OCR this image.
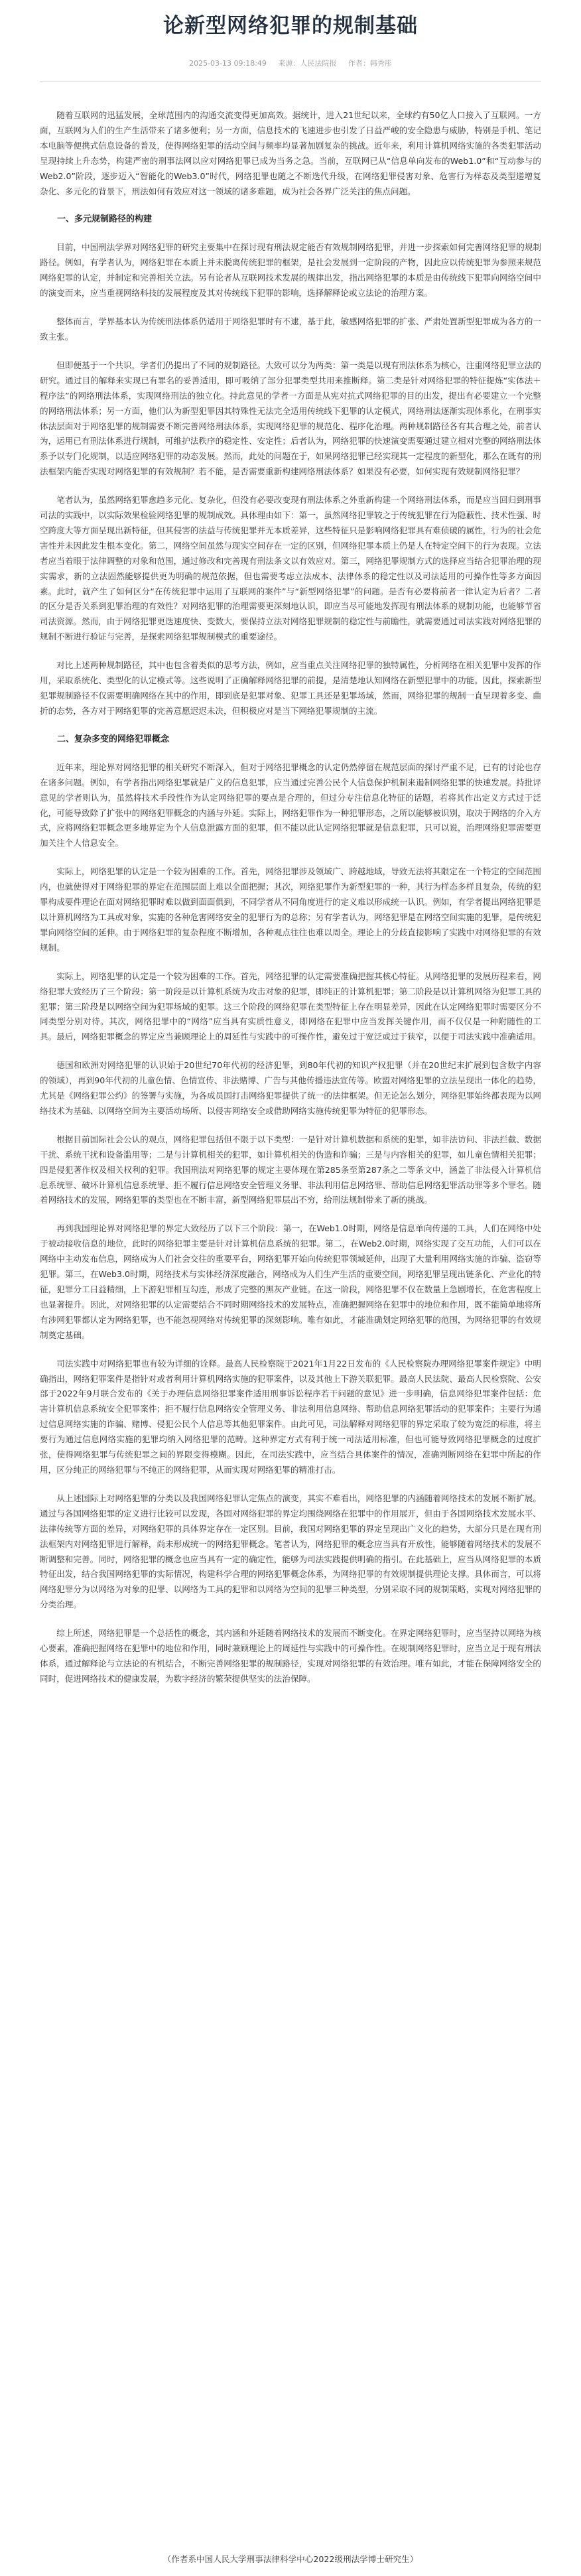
论新型网络犯罪的规制基础
2025-03-13 09:18:49 来源：人民法院报 作者：韩秀彤

随着互联网的迅猛发展，全球范围内的沟通交流变得更加高效。据统计，进入21世纪以来，全球约有50亿人口接入了互联网。一方面，互联网为人们的生产生活带来了诸多便利；另一方面，信息技术的飞速进步也引发了日益严峻的安全隐患与威胁，特别是手机、笔记本电脑等便携式信息设备的普及，使得网络犯罪的活动空间与频率均显著加剧复杂的挑战。近年来，利用计算机网络实施的各类犯罪活动呈现持续上升态势，构建严密的刑事法网以应对网络犯罪已成为当务之急。当前，互联网已从“信息单向发布的Web1.0”和“互动参与的Web2.0”阶段，逐步迈入“智能化的Web3.0”时代，网络犯罪也随之不断迭代升级，在网络犯罪侵害对象、危害行为样态及类型递增复杂化、多元化的背景下，刑法如何有效应对这一领域的诸多难题，成为社会各界广泛关注的焦点问题。

一、多元规制路径的构建

目前，中国刑法学界对网络犯罪的研究主要集中在探讨现有刑法规定能否有效规制网络犯罪，并进一步探索如何完善网络犯罪的规制路径。例如，有学者认为，网络犯罪在本质上并未脱离传统犯罪的框架，是社会发展到一定阶段的产物，因此应以传统犯罪为参照来规范网络犯罪的认定，并制定和完善相关立法。另有论者从互联网技术发展的规律出发，指出网络犯罪的本质是由传统线下犯罪向网络空间中的演变而来，应当重视网络科技的发展程度及其对传统线下犯罪的影响，选择解释论或立法论的治理方案。

整体而言，学界基本认为传统刑法体系仍适用于网络犯罪时有不逮，基于此，敏感网络犯罪的扩张、严肃处置新型犯罪成为各方的一致主张。

但即便基于一个共识，学者们仍提出了不同的规制路径。大致可以分为两类：第一类是以现有刑法体系为核心，注重网络犯罪立法的研究。通过目的解释来实现已有罪名的妥善适用，即可吸纳了部分犯罪类型共用来推断释。第二类是针对网络犯罪的特征提炼“实体法＋程序法”的网络刑法体系，实现网络刑法的独立化。持此意见的学者一方面是从宪对抗式网络犯罪的目的出发，提出有必要建立一个完整的网络刑法体系；另一方面，他们认为新型犯罪因其特殊性无法完全适用传统线下犯罪的认定模式，网络刑法逐渐实现体系化，在刑事实体法层面对于网络犯罪的规制需要不断完善网络刑法体系，实现网络犯罪的规范化、程序化治理。两种规制路径各有其合理之处，前者认为，运用已有刑法体系进行规制，可维护法秩序的稳定性、安定性；后者认为，网络犯罪的快速演变需要通过建立相对完整的网络刑法体系予以专门化规制，以适应网络犯罪的动态发展。然而，此处的问题在于，如果网络犯罪已经实现其一定程度的新型化，那么在既有的刑法框架内能否实现对网络犯罪的有效规制？若不能，是否需要重新构建网络刑法体系？如果没有必要，如何实现有效规制网络犯罪？

笔者认为，虽然网络犯罪愈趋多元化、复杂化，但没有必要改变现有刑法体系之外重新构建一个网络刑法体系，而是应当回归到刑事司法的实践中，以实际效果检验网络犯罪的规制成效。具体理由如下：第一，虽然网络犯罪较之于传统犯罪在行为隐蔽性、技术性强、时空跨度大等方面呈现出新特征，但其侵害的法益与传统犯罪并无本质差异，这些特征只是影响网络犯罪具有难侦破的属性，行为的社会危害性并未因此发生根本变化。第二，网络空间虽然与现实空间存在一定的区别，但网络犯罪本质上仍是人在特定空间下的行为表现。立法者应当着眼于法律调整的对象和范围，通过修改和完善现有刑法条文以有效应对。第三，网络犯罪规制方式的选择应当结合犯罪治理的现实需求，新的立法固然能够提供更为明确的规范依据，但也需要考虑立法成本、法律体系的稳定性以及司法适用的可操作性等多方面因素。此时，就产生了如何区分“在传统犯罪中运用了互联网的案件”与“新型网络犯罪”的问题。是否有必要将前者一律认定为后者？二者的区分是否关系到犯罪治理的有效性？对网络犯罪的治理需要更深刻地认识，即应当尽可能地发挥现有刑法体系的规制功能，也能够节省司法资源。然而，由于网络犯罪更迭速度快、变数大，要保持立法对网络犯罪规制的稳定性与前瞻性，就需要通过司法实践对网络犯罪的规制不断进行验证与完善，是探索网络犯罪规制模式的重要途径。

对比上述两种规制路径，其中也包含着类似的思考方法，例如，应当重点关注网络犯罪的独特属性，分析网络在相关犯罪中发挥的作用，采取系统化、类型化的认定模式等。这些说明了正确解释网络犯罪的前提，是清楚地认知网络在新型犯罪中的功能。因此，探索新型犯罪规制路径不仅需要明确网络在其中的作用，即到底是犯罪对象、犯罪工具还是犯罪场域，然而，网络犯罪的规制一直呈现着多变、曲折的态势，各方对于网络犯罪的完善意愿迟迟未决，但积极应对是当下网络犯罪规制的主流。

二、复杂多变的网络犯罪概念

近年来，理论界对网络犯罪的相关研究不断深入，但对于网络犯罪概念的认定仍然停留在规范层面的探讨严重不足，已有的讨论也存在诸多问题。例如，有学者指出网络犯罪就是广义的信息犯罪，应当通过完善公民个人信息保护机制来遏制网络犯罪的快速发展。持批评意见的学者则认为，虽然将技术手段性作为认定网络犯罪的要点是合理的，但过分专注信息化特征的话题，若将其作出定义方式过于泛化，可能导致除了扩张中的网络犯罪概念的内涵与外延。实际上，网络犯罪作为一种犯罪形态，之所以能够被识别，取决于网络的介入方式，应将网络犯罪概念更多地界定为个人信息泄露方面的犯罪，但不能以此认定网络犯罪就是信息犯罪，只可以说，治理网络犯罪需要更加关注个人信息安全。

实际上，网络犯罪的认定是一个较为困难的工作。首先，网络犯罪涉及领域广、跨越地域，导致无法将其限定在一个特定的空间范围内，也就使得对于网络犯罪的界定在范围层面上难以全面把握；其次，网络犯罪作为新型犯罪的一种，其行为样态多样且复杂，传统的犯罪构成要件理论在面对网络犯罪时难以做到面面俱到，不同学者从不同角度进行的定义难以形成统一认识。例如，有学者提出网络犯罪是以计算机网络为工具或对象，实施的各种危害网络安全的犯罪行为的总称；另有学者认为，网络犯罪是在网络空间实施的犯罪，是传统犯罪向网络空间的延伸。由于网络犯罪的复杂程度不断增加，各种观点往往也难以周全。理论上的分歧直接影响了实践中对网络犯罪的有效规制。

实际上，网络犯罪的认定是一个较为困难的工作。首先，网络犯罪的认定需要准确把握其核心特征。从网络犯罪的发展历程来看，网络犯罪大致经历了三个阶段：第一阶段是以计算机系统为攻击对象的犯罪，即纯正的计算机犯罪；第二阶段是以计算机网络为犯罪工具的犯罪；第三阶段是以网络空间为犯罪场域的犯罪。这三个阶段的网络犯罪在类型特征上存在明显差异，因此在认定网络犯罪时需要区分不同类型分别对待。其次，网络犯罪中的“网络”应当具有实质性意义，即网络在犯罪中应当发挥关键作用，而不仅仅是一种附随性的工具。最后，网络犯罪概念的界定应当兼顾理论上的周延性与实践中的可操作性，避免过于宽泛或过于狭窄，以便于司法实践中准确适用。

德国和欧洲对网络犯罪的认识始于20世纪70年代初的经济犯罪，到80年代初的知识产权犯罪（并在20世纪末扩展到包含数字内容的领域），再到90年代初的儿童色情、色情宣传、非法赌博、广告与其他传播违法宣传等。欧盟对网络犯罪的立法呈现出一体化的趋势，尤其是《网络犯罪公约》的签署与实施，为各成员国打击网络犯罪提供了统一的法律框架。但无论怎么划分，网络犯罪始终都表现为以网络技术为基础、以网络空间为主要活动场所、以侵害网络安全或借助网络实施传统犯罪为特征的犯罪形态。

根据目前国际社会公认的观点，网络犯罪包括但不限于以下类型：一是针对计算机数据和系统的犯罪，如非法访问、非法拦截、数据干扰、系统干扰和设备滥用等；二是与计算机相关的犯罪，如计算机相关的伪造和诈骗；三是与内容相关的犯罪，如儿童色情相关犯罪；四是侵犯著作权及相关权利的犯罪。我国刑法对网络犯罪的规定主要体现在第285条至第287条之二等条文中，涵盖了非法侵入计算机信息系统罪、破坏计算机信息系统罪、拒不履行信息网络安全管理义务罪、非法利用信息网络罪、帮助信息网络犯罪活动罪等多个罪名。随着网络技术的发展，网络犯罪的类型也在不断丰富，新型网络犯罪层出不穷，给刑法规制带来了新的挑战。

再到我国理论界对网络犯罪的界定大致经历了以下三个阶段：第一，在Web1.0时期，网络是信息单向传递的工具，人们在网络中处于被动接收信息的地位，此时的网络犯罪主要是针对计算机信息系统的犯罪。第二，在Web2.0时期，网络实现了交互功能，人们可以在网络中主动发布信息，网络成为人们社会交往的重要平台，网络犯罪开始向传统犯罪领域延伸，出现了大量利用网络实施的诈骗、盗窃等犯罪。第三，在Web3.0时期，网络技术与实体经济深度融合，网络成为人们生产生活的重要空间，网络犯罪呈现出链条化、产业化的特征，犯罪分工日益精细，上下游犯罪相互勾连，形成了完整的黑灰产业链。在这一阶段，网络犯罪不仅在数量上急剧增长，在危害程度上也显著提升。因此，对网络犯罪的认定需要结合不同时期网络技术的发展特点，准确把握网络在犯罪中的地位和作用，既不能简单地将所有涉网犯罪都认定为网络犯罪，也不能忽视网络对传统犯罪的深刻影响。唯有如此，才能准确划定网络犯罪的范围，为网络犯罪的有效规制奠定基础。

司法实践中对网络犯罪也有较为详细的诠释。最高人民检察院于2021年1月22日发布的《人民检察院办理网络犯罪案件规定》中明确指出，网络犯罪案件是指针对或者利用计算机网络实施的犯罪案件，以及其他上下游关联犯罪。最高人民法院、最高人民检察院、公安部于2022年9月联合发布的《关于办理信息网络犯罪案件适用刑事诉讼程序若干问题的意见》进一步明确，信息网络犯罪案件包括：危害计算机信息系统安全犯罪案件；拒不履行信息网络安全管理义务、非法利用信息网络、帮助信息网络犯罪活动的犯罪案件；主要行为通过信息网络实施的诈骗、赌博、侵犯公民个人信息等其他犯罪案件。由此可见，司法解释对网络犯罪的界定采取了较为宽泛的标准，将主要行为通过信息网络实施的犯罪均纳入网络犯罪的范畴。这种界定方式有利于统一司法适用标准，但也可能导致网络犯罪概念的过度扩张，使得网络犯罪与传统犯罪之间的界限变得模糊。因此，在司法实践中，应当结合具体案件的情况，准确判断网络在犯罪中所起的作用，区分纯正的网络犯罪与不纯正的网络犯罪，从而实现对网络犯罪的精准打击。

从上述国际上对网络犯罪的分类以及我国网络犯罪认定焦点的演变，其实不难看出，网络犯罪的内涵随着网络技术的发展不断扩展。通过与各国网络犯罪的定义进行比较可以发现，各国对网络犯罪的界定均围绕网络在犯罪中的作用展开，但由于各国网络技术发展水平、法律传统等方面的差异，对网络犯罪的具体界定存在一定区别。目前，我国对网络犯罪的界定呈现出广义化的趋势，大部分只是在现有刑法框架内对网络犯罪进行解释，尚未形成统一的网络犯罪概念。笔者认为，网络犯罪的概念应当具有开放性，能够随着网络技术的发展不断调整和完善。同时，网络犯罪的概念也应当具有一定的确定性，能够为司法实践提供明确的指引。在此基础上，应当从网络犯罪的本质特征出发，结合我国网络犯罪的实际情况，构建科学合理的网络犯罪概念体系，为网络犯罪的有效规制提供理论支撑。具体而言，可以将网络犯罪分为以网络为对象的犯罪、以网络为工具的犯罪和以网络为空间的犯罪三种类型，分别采取不同的规制策略，实现对网络犯罪的分类治理。

综上所述，网络犯罪是一个总括性的概念，其内涵和外延随着网络技术的发展而不断变化。在界定网络犯罪时，应当坚持以网络为核心要素，准确把握网络在犯罪中的地位和作用，同时兼顾理论上的周延性与实践中的可操作性。在规制网络犯罪时，应当立足于现有刑法体系，通过解释论与立法论的有机结合，不断完善网络犯罪的规制路径，实现对网络犯罪的有效治理。唯有如此，才能在保障网络安全的同时，促进网络技术的健康发展，为数字经济的繁荣提供坚实的法治保障。

（作者系中国人民大学刑事法律科学中心2022级刑法学博士研究生）
